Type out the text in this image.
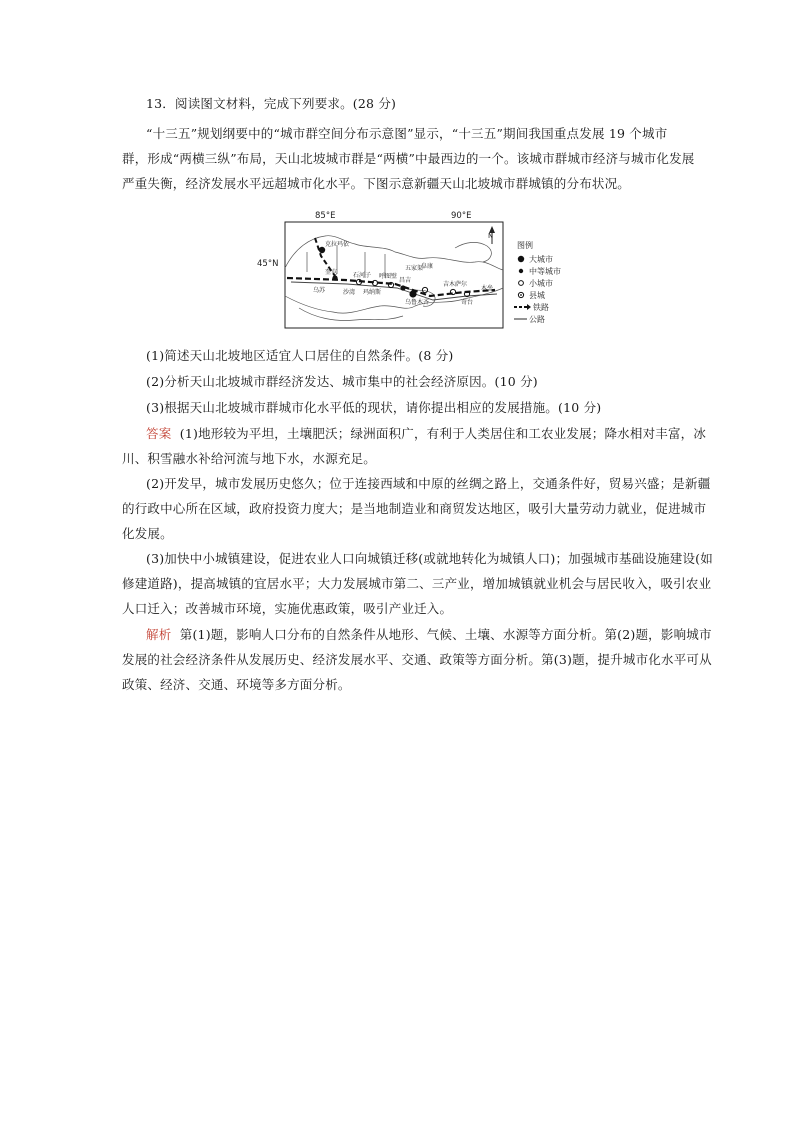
13．阅读图文材料，完成下列要求。(28 分)
“十三五”规划纲要中的“城市群空间分布示意图”显示，“十三五”期间我国重点发展 19 个城市
群，形成“两横三纵”布局，天山北坡城市群是“两横”中最西边的一个。该城市群城市经济与城市化发展
严重失衡，经济发展水平远超城市化水平。下图示意新疆天山北坡城市群城镇的分布状况。
85°E	90°E
45°N
N
克拉玛依
奎屯	石河子
昌吉
乌苏	沙湾 玛纳斯
阜康
乌鲁木齐
吉木萨尔
奇台
木垒
呼图壁
五家渠
图例
大城市
中等城市
小城市
县城
铁路
公路
(1)简述天山北坡地区适宜人口居住的自然条件。(8 分)
(2)分析天山北坡城市群经济发达、城市集中的社会经济原因。(10 分)
(3)根据天山北坡城市群城市化水平低的现状，请你提出相应的发展措施。(10 分)
答案 (1)地形较为平坦，土壤肥沃；绿洲面积广，有利于人类居住和工农业发展；降水相对丰富，冰
川、积雪融水补给河流与地下水，水源充足。
(2)开发早，城市发展历史悠久；位于连接西域和中原的丝绸之路上，交通条件好，贸易兴盛；是新疆
的行政中心所在区域，政府投资力度大；是当地制造业和商贸发达地区，吸引大量劳动力就业，促进城市
化发展。
(3)加快中小城镇建设，促进农业人口向城镇迁移(或就地转化为城镇人口)；加强城市基础设施建设(如
修建道路)，提高城镇的宜居水平；大力发展城市第二、三产业，增加城镇就业机会与居民收入，吸引农业
人口迁入；改善城市环境，实施优惠政策，吸引产业迁入。
解析 第(1)题，影响人口分布的自然条件从地形、气候、土壤、水源等方面分析。第(2)题，影响城市
发展的社会经济条件从发展历史、经济发展水平、交通、政策等方面分析。第(3)题，提升城市化水平可从
政策、经济、交通、环境等多方面分析。
